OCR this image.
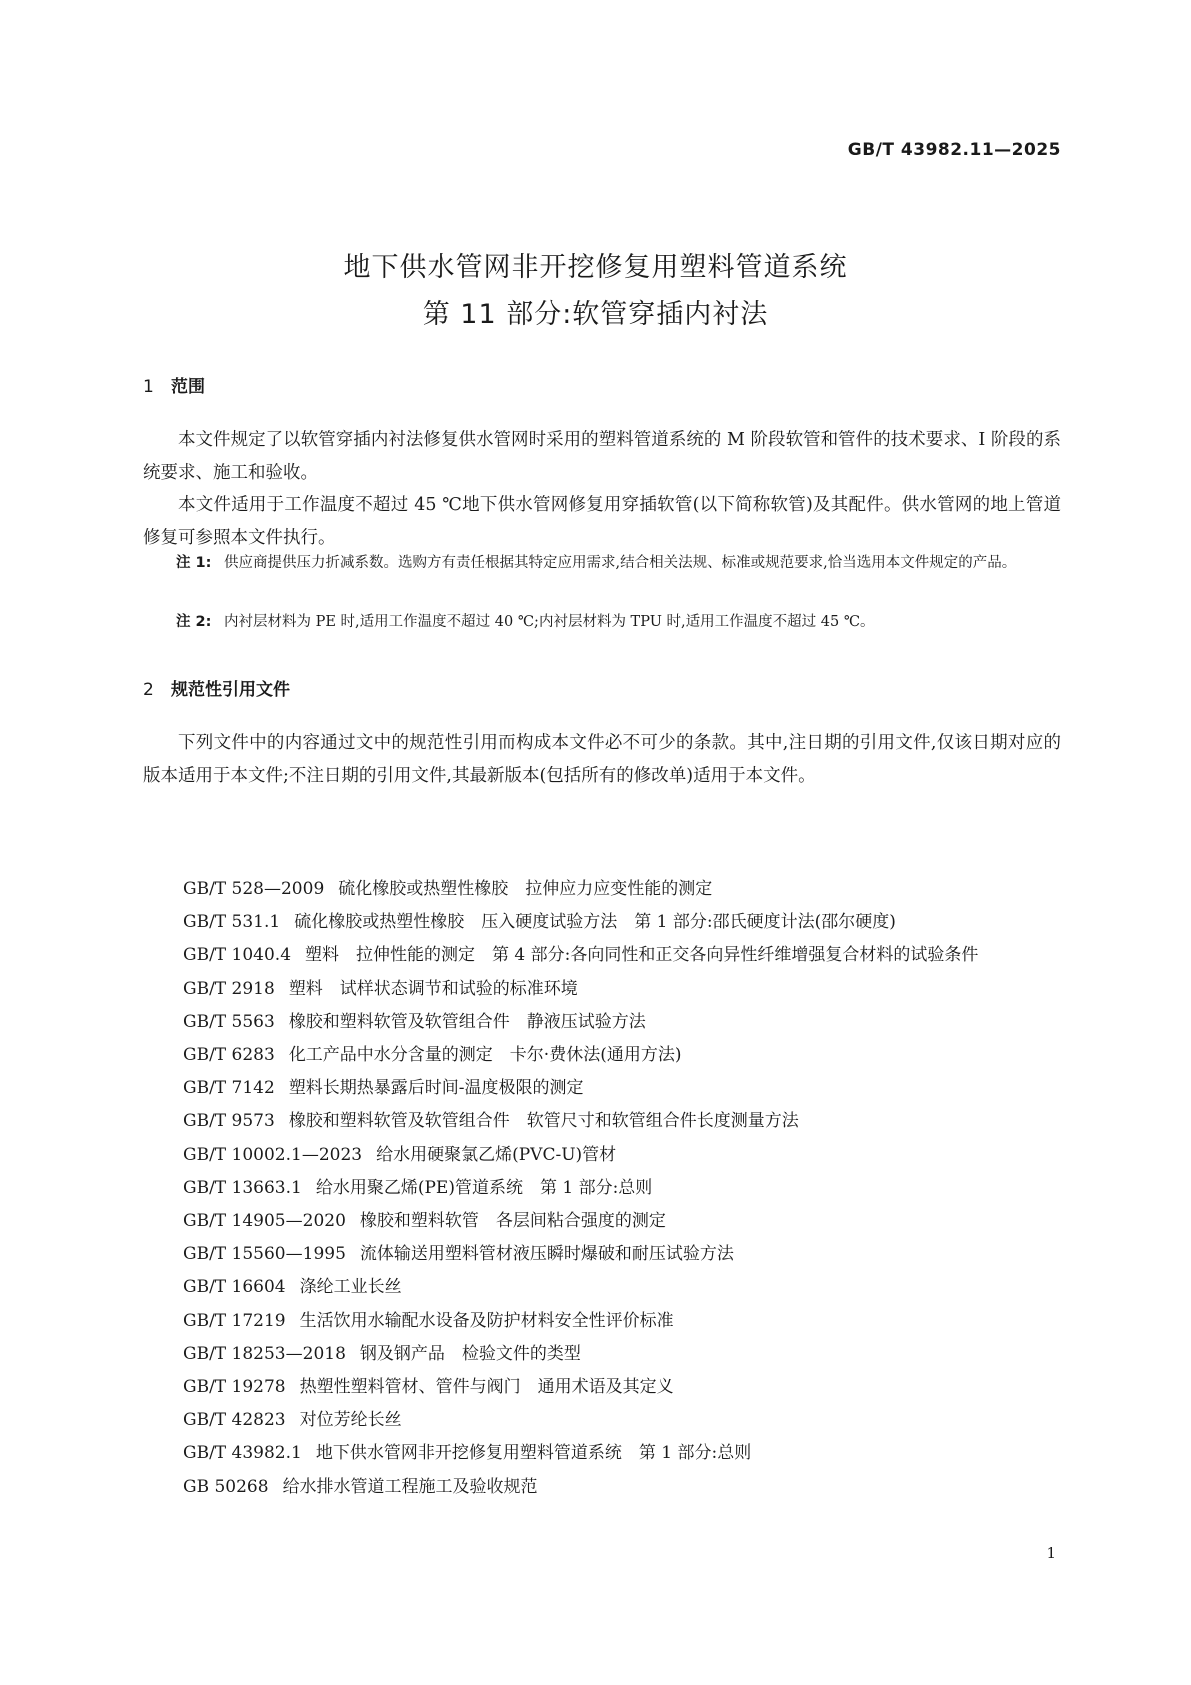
GB/T 43982.11—2025
地下供水管网非开挖修复用塑料管道系统
第 11 部分:软管穿插内衬法
1 范围

本文件规定了以软管穿插内衬法修复供水管网时采用的塑料管道系统的 M 阶段软管和管件的技术要求、I 阶段的系统要求、施工和验收。

本文件适用于工作温度不超过 45 ℃地下供水管网修复用穿插软管(以下简称软管)及其配件。供水管网的地上管道修复可参照本文件执行。

注 1: 供应商提供压力折减系数。选购方有责任根据其特定应用需求,结合相关法规、标准或规范要求,恰当选用本文件规定的产品。
注 2: 内衬层材料为 PE 时,适用工作温度不超过 40 ℃;内衬层材料为 TPU 时,适用工作温度不超过 45 ℃。
2 规范性引用文件

下列文件中的内容通过文中的规范性引用而构成本文件必不可少的条款。其中,注日期的引用文件,仅该日期对应的版本适用于本文件;不注日期的引用文件,其最新版本(包括所有的修改单)适用于本文件。

GB/T 528—2009 硫化橡胶或热塑性橡胶　拉伸应力应变性能的测定
GB/T 531.1 硫化橡胶或热塑性橡胶　压入硬度试验方法　第 1 部分:邵氏硬度计法(邵尔硬度)
GB/T 1040.4 塑料　拉伸性能的测定　第 4 部分:各向同性和正交各向异性纤维增强复合材料的试验条件
GB/T 2918 塑料　试样状态调节和试验的标准环境
GB/T 5563 橡胶和塑料软管及软管组合件　静液压试验方法
GB/T 6283 化工产品中水分含量的测定　卡尔·费休法(通用方法)
GB/T 7142 塑料长期热暴露后时间-温度极限的测定
GB/T 9573 橡胶和塑料软管及软管组合件　软管尺寸和软管组合件长度测量方法
GB/T 10002.1—2023 给水用硬聚氯乙烯(PVC-U)管材
GB/T 13663.1 给水用聚乙烯(PE)管道系统　第 1 部分:总则
GB/T 14905—2020 橡胶和塑料软管　各层间粘合强度的测定
GB/T 15560—1995 流体输送用塑料管材液压瞬时爆破和耐压试验方法
GB/T 16604 涤纶工业长丝
GB/T 17219 生活饮用水输配水设备及防护材料安全性评价标准
GB/T 18253—2018 钢及钢产品　检验文件的类型
GB/T 19278 热塑性塑料管材、管件与阀门　通用术语及其定义
GB/T 42823 对位芳纶长丝
GB/T 43982.1 地下供水管网非开挖修复用塑料管道系统　第 1 部分:总则
GB 50268 给水排水管道工程施工及验收规范
1
